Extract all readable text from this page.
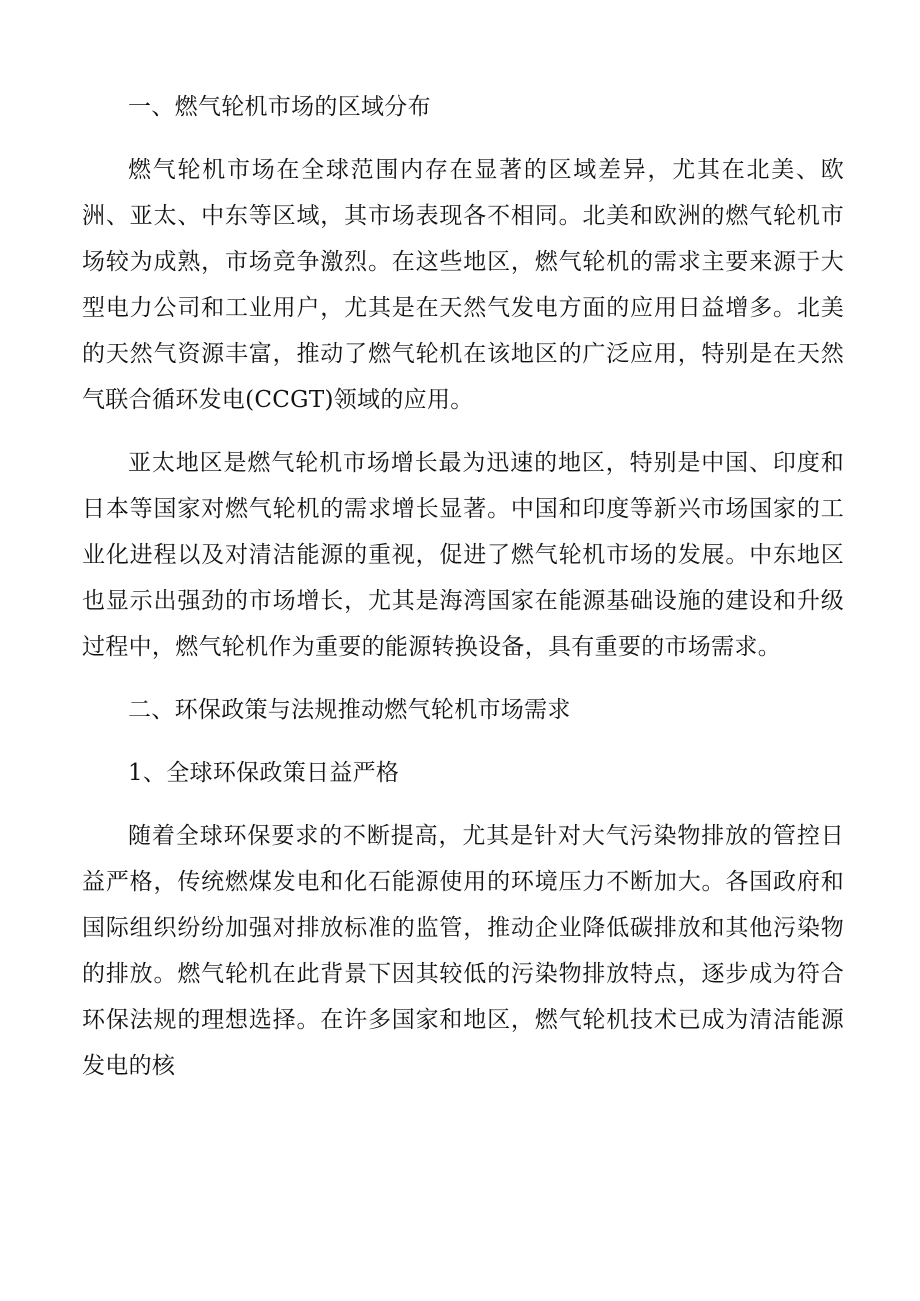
一、燃气轮机市场的区域分布

燃气轮机市场在全球范围内存在显著的区域差异，尤其在北美、欧洲、亚太、中东等区域，其市场表现各不相同。北美和欧洲的燃气轮机市场较为成熟，市场竞争激烈。在这些地区，燃气轮机的需求主要来源于大型电力公司和工业用户，尤其是在天然气发电方面的应用日益增多。北美的天然气资源丰富，推动了燃气轮机在该地区的广泛应用，特别是在天然气联合循环发电(CCGT)领域的应用。

亚太地区是燃气轮机市场增长最为迅速的地区，特别是中国、印度和日本等国家对燃气轮机的需求增长显著。中国和印度等新兴市场国家的工业化进程以及对清洁能源的重视，促进了燃气轮机市场的发展。中东地区也显示出强劲的市场增长，尤其是海湾国家在能源基础设施的建设和升级过程中，燃气轮机作为重要的能源转换设备，具有重要的市场需求。

二、环保政策与法规推动燃气轮机市场需求

1、全球环保政策日益严格

随着全球环保要求的不断提高，尤其是针对大气污染物排放的管控日益严格，传统燃煤发电和化石能源使用的环境压力不断加大。各国政府和国际组织纷纷加强对排放标准的监管，推动企业降低碳排放和其他污染物的排放。燃气轮机在此背景下因其较低的污染物排放特点，逐步成为符合环保法规的理想选择。在许多国家和地区，燃气轮机技术已成为清洁能源发电的核
